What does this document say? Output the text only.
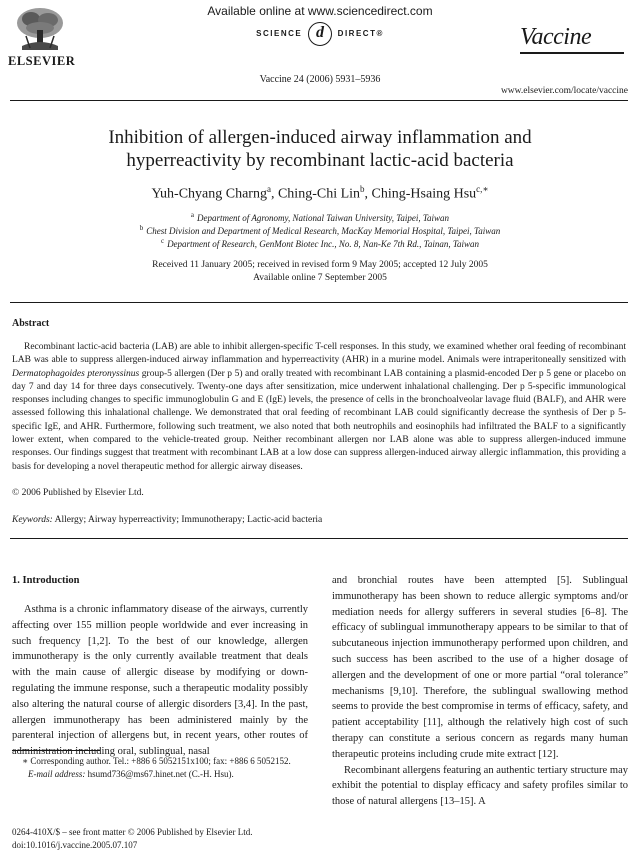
ELSEVIER
Available online at www.sciencedirect.com
SCIENCE d DIRECT®
Vaccine 24 (2006) 5931–5936
Vaccine
www.elsevier.com/locate/vaccine
Inhibition of allergen-induced airway inflammation and
hyperreactivity by recombinant lactic-acid bacteria
Yuh-Chyang Charng$^a$, Ching-Chi Lin$^b$, Ching-Hsaing Hsu$^{c,∗}$
$^a$ Department of Agronomy, National Taiwan University, Taipei, Taiwan
$^b$ Chest Division and Department of Medical Research, MacKay Memorial Hospital, Taipei, Taiwan
$^c$ Department of Research, GenMont Biotec Inc., No. 8, Nan-Ke 7th Rd., Tainan, Taiwan
Received 11 January 2005; received in revised form 9 May 2005; accepted 12 July 2005
Available online 7 September 2005
Abstract
Recombinant lactic-acid bacteria (LAB) are able to inhibit allergen-specific T-cell responses. In this study, we examined whether oral feeding of recombinant LAB was able to suppress allergen-induced airway inflammation and hyperreactivity (AHR) in a murine model. Animals were intraperitoneally sensitized with Dermatophagoides pteronyssinus group-5 allergen (Der p 5) and orally treated with recombinant LAB containing a plasmid-encoded Der p 5 gene or placebo on day 7 and day 14 for three days consecutively. Twenty-one days after sensitization, mice underwent inhalational challenging. Der p 5-specific immunological responses including changes to specific immunoglobulin G and E (IgE) levels, the presence of cells in the bronchoalveolar lavage fluid (BALF), and AHR were assessed following this inhalational challenge. We demonstrated that oral feeding of recombinant LAB could significantly decrease the synthesis of Der p 5-specific IgE, and AHR. Furthermore, following such treatment, we also noted that both neutrophils and eosinophils had infiltrated the BALF to a significantly lower extent, when compared to the vehicle-treated group. Neither recombinant allergen nor LAB alone was able to suppress allergen-induced immune responses. Our findings suggest that treatment with recombinant LAB at a low dose can suppress allergen-induced airway allergic inflammation, this providing a basis for developing a novel therapeutic method for allergic airway diseases.
© 2006 Published by Elsevier Ltd.
Keywords: Allergy; Airway hyperreactivity; Immunotherapy; Lactic-acid bacteria
1. Introduction

Asthma is a chronic inflammatory disease of the airways, currently affecting over 155 million people worldwide and ever increasing in such frequency [1,2]. To the best of our knowledge, allergen immunotherapy is the only currently available treatment that deals with the main cause of allergic disease by modifying or down-regulating the immune response, such a therapeutic modality possibly also altering the natural course of allergic disorders [3,4]. In the past, allergen immunotherapy has been administered mainly by the parenteral injection of allergens but, in recent years, other routes of administration including oral, sublingual, nasal

and bronchial routes have been attempted [5]. Sublingual immunotherapy has been shown to reduce allergic symptoms and/or mediation needs for allergy sufferers in several studies [6–8]. The efficacy of sublingual immunotherapy appears to be similar to that of subcutaneous injection immunotherapy performed upon children, and such success has been ascribed to the use of a higher dosage of allergen and the development of one or more partial “oral tolerance” mechanisms [9,10]. Therefore, the sublingual swallowing method seems to provide the best compromise in terms of efficacy, safety, and patient acceptability [11], although the relatively high cost of such therapy can constitute a serious concern as regards many human therapeutic proteins including crude mite extract [12].

Recombinant allergens featuring an authentic tertiary structure may exhibit the potential to display efficacy and safety profiles similar to those of natural allergens [13–15]. A

∗ Corresponding author. Tel.: +886 6 5052151x100; fax: +886 6 5052152.
E-mail address: hsumd736@ms67.hinet.net (C.-H. Hsu).
0264-410X/$ – see front matter © 2006 Published by Elsevier Ltd.
doi:10.1016/j.vaccine.2005.07.107
